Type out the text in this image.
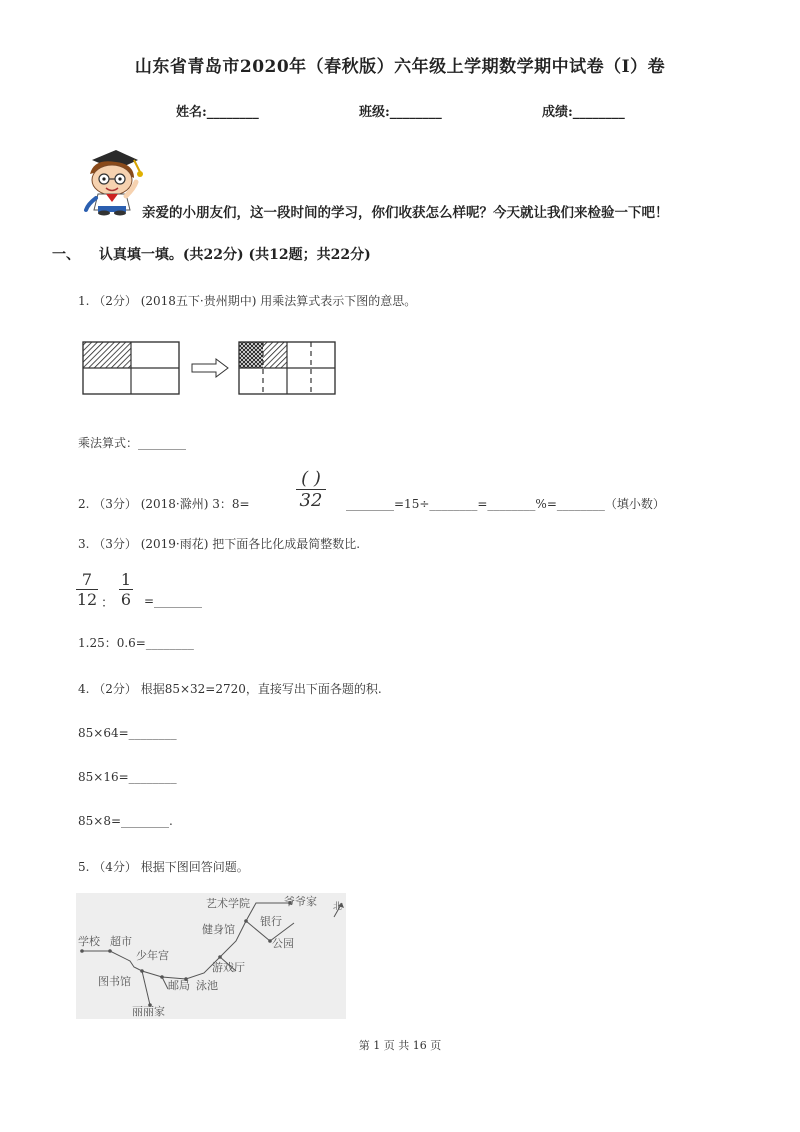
山东省青岛市2020年（春秋版）六年级上学期数学期中试卷（I）卷
姓名:________	班级:________	成绩:________
亲爱的小朋友们，这一段时间的学习，你们收获怎么样呢？今天就让我们来检验一下吧！
一、 认真填一填。(共22分) (共12题；共22分)
1. （2分） (2018五下·贵州期中) 用乘法算式表示下图的意思。
乘法算式：________
2. （3分） (2018·滁州) 3：8=
( )
32 ________=15÷________=________%=________（填小数）
3. （3分） (2019·雨花) 把下面各比化成最简整数比.
$\frac{7}{12}$ ： $\frac{1}{6}$ =________
1.25：0.6=________
4. （2分） 根据85×32=2720，直接写出下面各题的积.
85×64=________
85×16=________
85×8=________.
5. （4分） 根据下图回答问题。
艺术学院	爷爷家 北
银行
健身馆
公园
学校 超市
少年宫
游戏厅
图书馆	邮局 泳池
丽丽家
第 1 页 共 16 页
